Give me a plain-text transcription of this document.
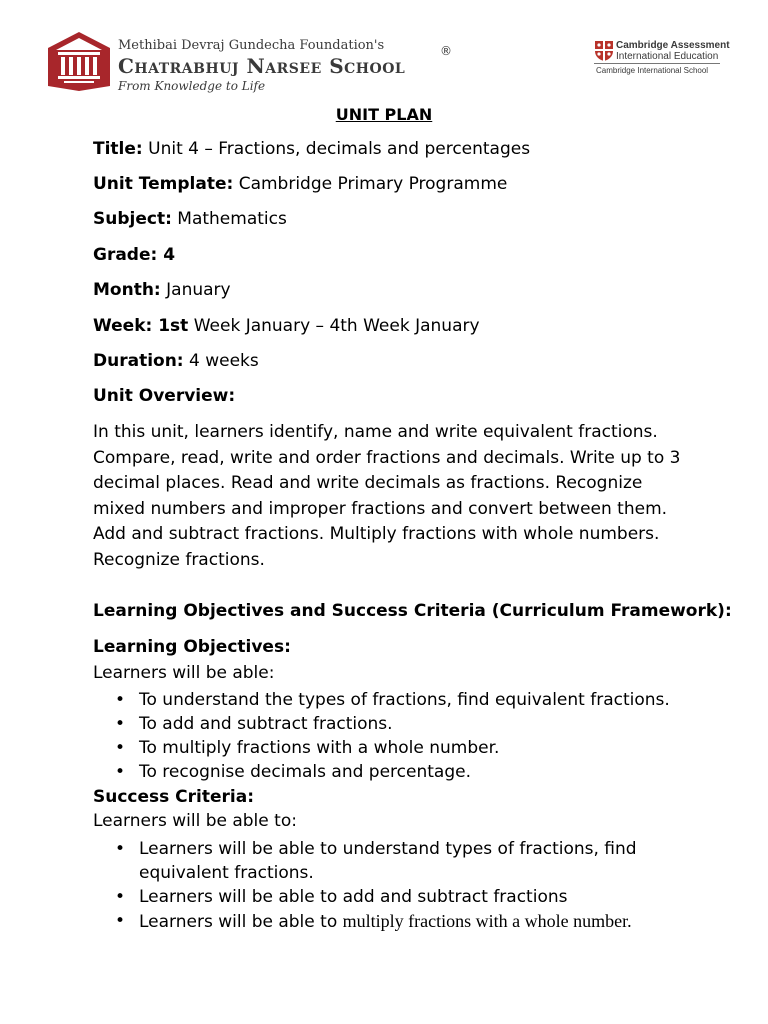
Methibai Devraj Gundecha Foundation's
Chatrabhuj Narsee School
®
From Knowledge to Life
Cambridge Assessment
International Education
Cambridge International School
UNIT PLAN
Title: Unit 4 – Fractions, decimals and percentages
Unit Template: Cambridge Primary Programme
Subject: Mathematics
Grade: 4
Month: January
Week: 1st Week January – 4th Week January
Duration: 4 weeks
Unit Overview:
In this unit, learners identify, name and write equivalent fractions. Compare, read, write and order fractions and decimals. Write up to 3 decimal places. Read and write decimals as fractions. Recognize mixed numbers and improper fractions and convert between them. Add and subtract fractions. Multiply fractions with whole numbers. Recognize fractions.
Learning Objectives and Success Criteria (Curriculum Framework):
Learning Objectives:
Learners will be able:
• To understand the types of fractions, find equivalent fractions.
• To add and subtract fractions.
• To multiply fractions with a whole number.
• To recognise decimals and percentage.
Success Criteria:
Learners will be able to:
• Learners will be able to understand types of fractions, find equivalent fractions.
• Learners will be able to add and subtract fractions
• Learners will be able to multiply fractions with a whole number.
